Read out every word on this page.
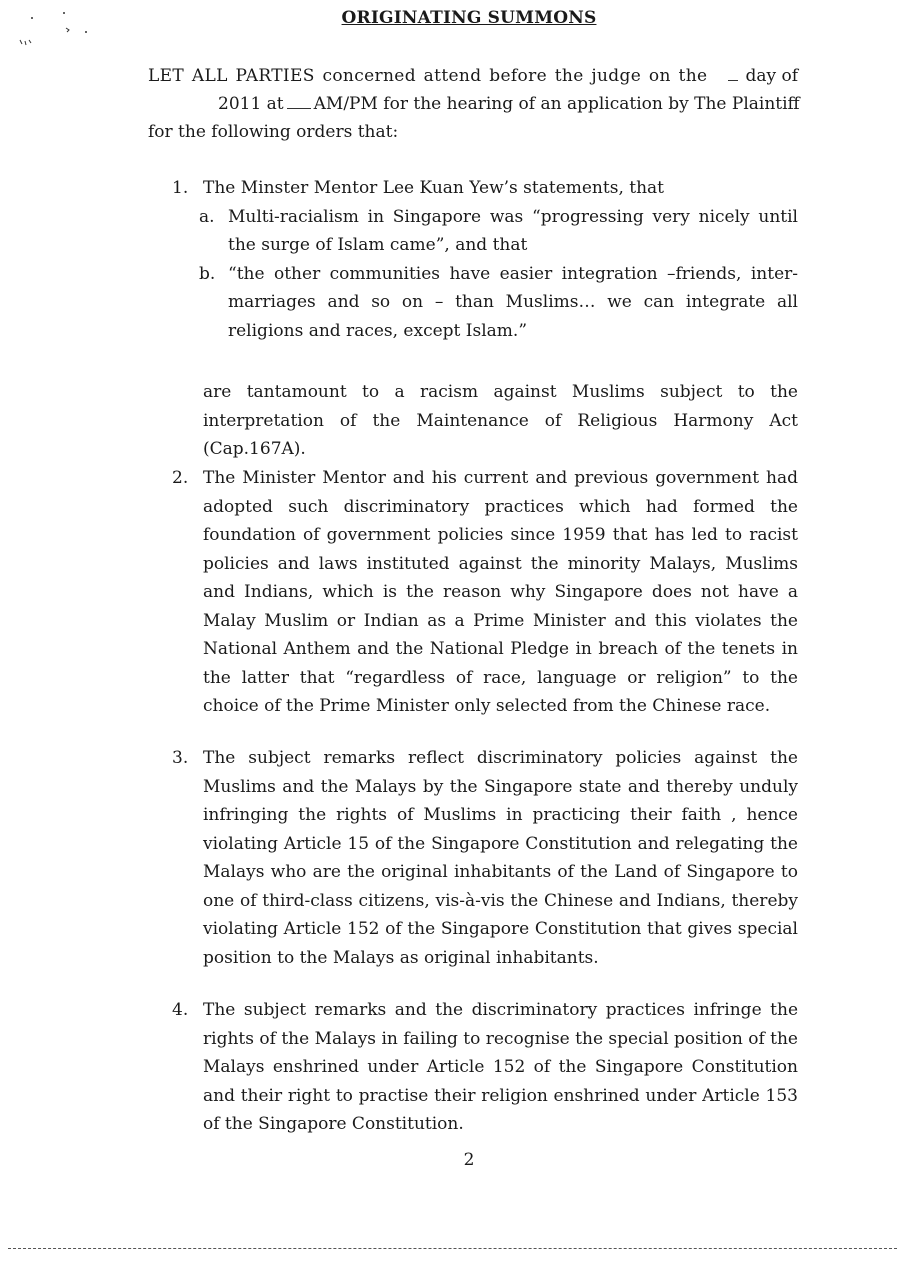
ORIGINATING SUMMONS
LET ALL PARTIES concerned attend before the judge on the	day of
2011 at AM/PM for the hearing of an application by The Plaintiff
for the following orders that:
1. The Minster Mentor Lee Kuan Yew’s statements, that
a. Multi-racialism in Singapore was “progressing very nicely until the surge of Islam came”, and that
b. “the other communities have easier integration –friends, inter-marriages and so on – than Muslims… we can integrate all religions and races, except Islam.”
are tantamount to a racism against Muslims subject to the interpretation of the Maintenance of Religious Harmony Act (Cap.167A).
2. The Minister Mentor and his current and previous government had adopted such discriminatory practices which had formed the foundation of government policies since 1959 that has led to racist policies and laws instituted against the minority Malays, Muslims and Indians, which is the reason why Singapore does not have a Malay Muslim or Indian as a Prime Minister and this violates the National Anthem and the National Pledge in breach of the tenets in the latter that “regardless of race, language or religion” to the choice of the Prime Minister only selected from the Chinese race.
3. The subject remarks reflect discriminatory policies against the Muslims and the Malays by the Singapore state and thereby unduly infringing the rights of Muslims in practicing their faith , hence violating Article 15 of the Singapore Constitution and relegating the Malays who are the original inhabitants of the Land of Singapore to one of third-class citizens, vis-à-vis the Chinese and Indians, thereby violating Article 152 of the Singapore Constitution that gives special position to the Malays as original inhabitants.
4. The subject remarks and the discriminatory practices infringe the rights of the Malays in failing to recognise the special position of the Malays enshrined under Article 152 of the Singapore Constitution and their right to practise their religion enshrined under Article 153 of the Singapore Constitution.
2
